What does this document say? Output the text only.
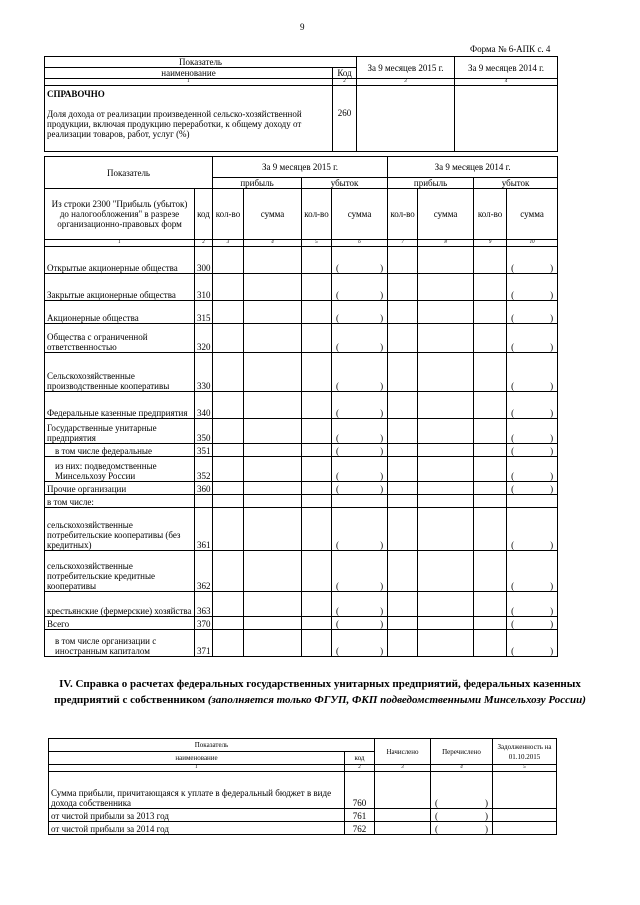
9
Форма № 6-АПК с. 4
Показатель		За 9 месяцев 2015 г.	За 9 месяцев 2014 г.
наименование	Код		
1	2	3	4

СПРАВОЧНО
Доля дохода от реализации произведенной сельско-хозяйственной продукции, включая продукцию переработки, к общему доходу от реализации товаров, работ, услуг (%)	260		
Показатель		За 9 месяцев 2015 г.				За 9 месяцев 2014 г.			
		прибыль		убыток		прибыль		убыток	
Из строки 2300 "Прибыль (убыток) до налогообложения" в разрезе организационно-правовых форм	код	кол-во	сумма	кол-во	сумма	кол-во	сумма	кол-во	сумма
1	2	3	4	5	6	7	8	9	10
Открытые акционерные общества	300				( )				( )

Закрытые акционерные общества	310				( )				( )

Акционерные общества	315				( )				( )

Общества с ограниченной ответственностью	320				( )				( )

Сельскохозяйственные производственные кооперативы	330				( )				( )

Федеральные казенные предприятия	340				( )				( )

Государственные унитарные предприятия	350				( )				( )

в том числе федеральные	351				( )				( )

из них: подведомственные Минсельхозу России	352				( )				( )

Прочие организации	360				( )				( )

в том числе:									
сельскохозяйственные потребительские кооперативы (без кредитных)	361				( )				( )

сельскохозяйственные потребительские кредитные кооперативы	362				( )				( )

крестьянские (фермерские) хозяйства	363				( )				( )

Всего	370				( )				( )

в том числе организации с иностранным капиталом	371				( )				( )
IV. Справка о расчетах федеральных государственных унитарных предприятий, федеральных казенных предприятий с собственником (заполняется только ФГУП, ФКП подведомственными Минсельхозу России)
Показатель		Начислено	Перечислено	Задолженность на 01.10.2015
наименование	код			
1	2	3	4	5
Сумма прибыли, причитающаяся к уплате в федеральный бюджет в виде дохода собственника	760		( )	

от чистой прибыли за 2013 год	761		( )	

от чистой прибыли за 2014 год	762		( )	
